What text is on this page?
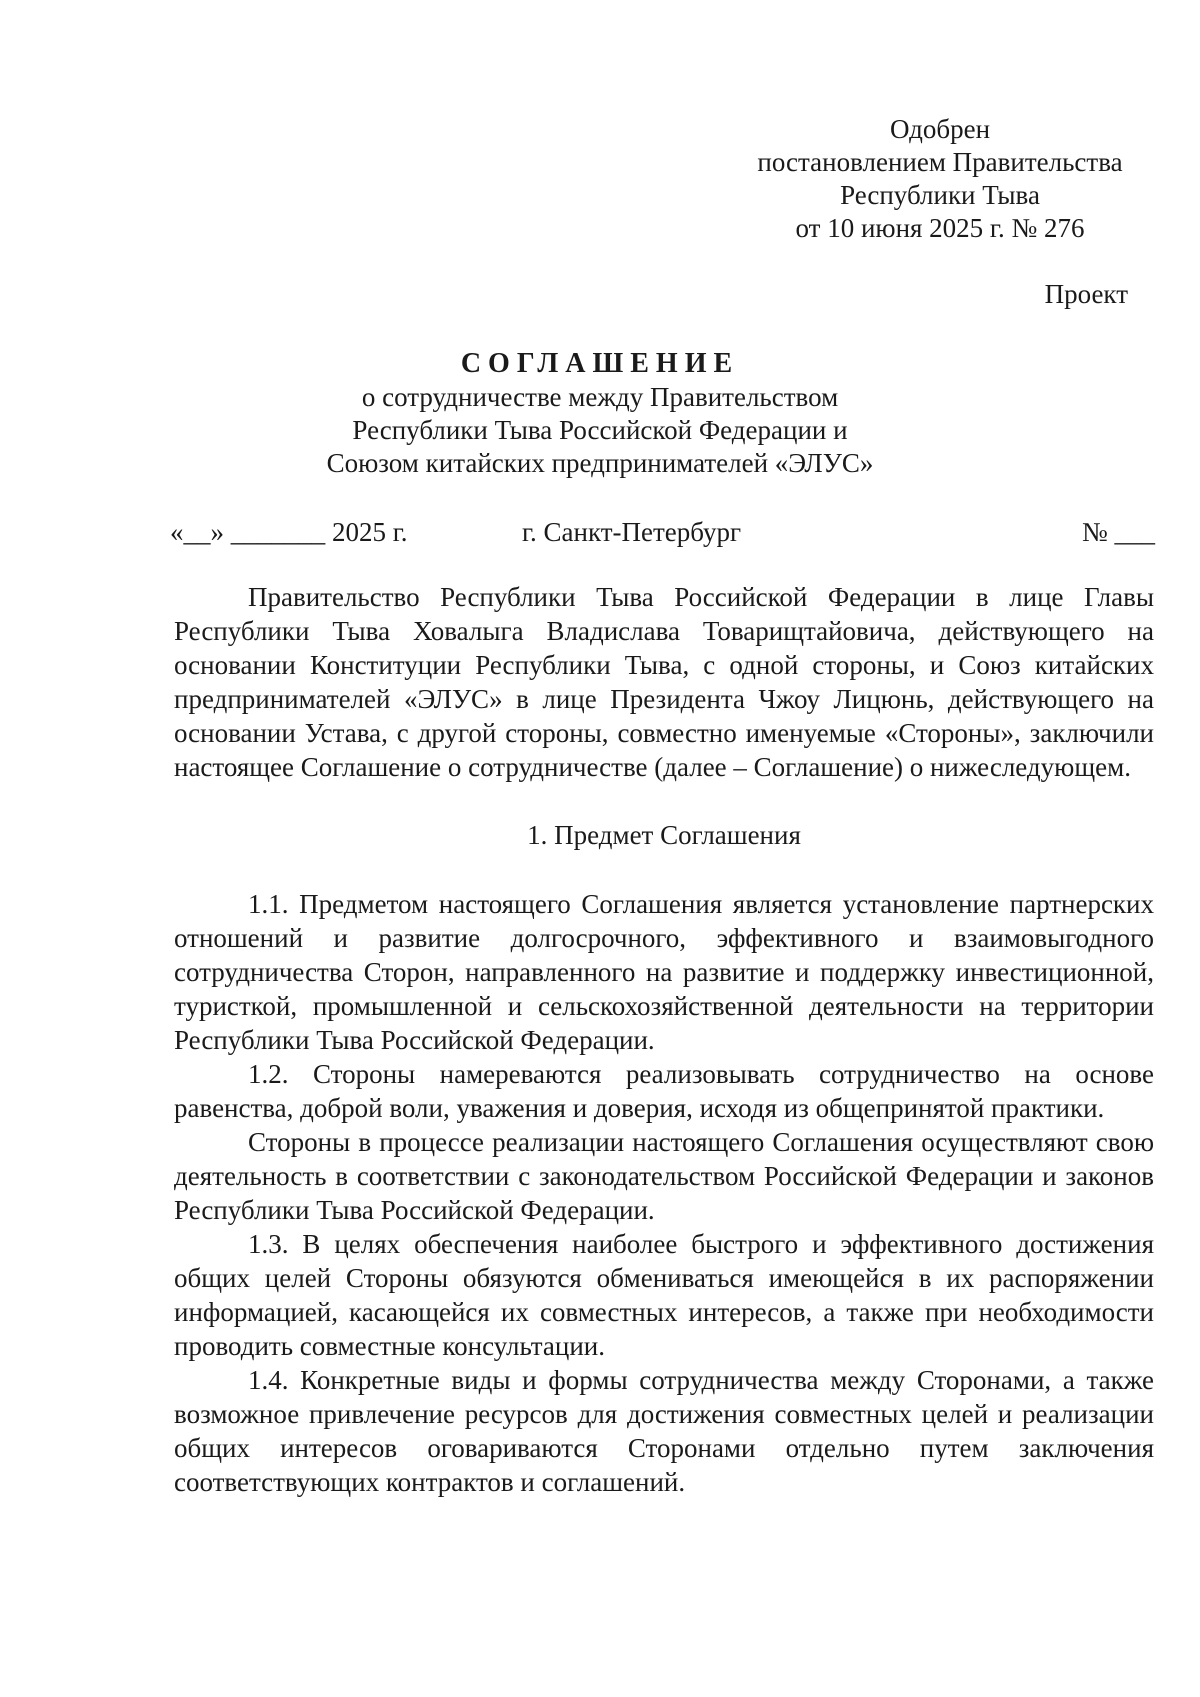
Одобрен
постановлением Правительства
Республики Тыва
от 10 июня 2025 г. № 276
Проект
СОГЛАШЕНИЕ
о сотрудничестве между Правительством
Республики Тыва Российской Федерации и
Союзом китайских предпринимателей «ЭЛУС»
«__» _______ 2025 г.	г. Санкт-Петербург	№ ___

Правительство Республики Тыва Российской Федерации в лице Главы Республики Тыва Ховалыга Владислава Товарищтайовича, действующего на основании Конституции Республики Тыва, с одной стороны, и Союз китайских предпринимателей «ЭЛУС» в лице Президента Чжоу Лицюнь, действующего на основании Устава, с другой стороны, совместно именуемые «Стороны», заключили настоящее Соглашение о сотрудничестве (далее – Соглашение) о нижеследующем.

1. Предмет Соглашения

1.1. Предметом настоящего Соглашения является установление партнерских отношений и развитие долгосрочного, эффективного и взаимовыгодного сотрудничества Сторон, направленного на развитие и поддержку инвестиционной, туристкой, промышленной и сельскохозяйственной деятельности на территории Республики Тыва Российской Федерации.

1.2. Стороны намереваются реализовывать сотрудничество на основе равенства, доброй воли, уважения и доверия, исходя из общепринятой практики.

Стороны в процессе реализации настоящего Соглашения осуществляют свою деятельность в соответствии с законодательством Российской Федерации и законов Республики Тыва Российской Федерации.

1.3. В целях обеспечения наиболее быстрого и эффективного достижения общих целей Стороны обязуются обмениваться имеющейся в их распоряжении информацией, касающейся их совместных интересов, а также при необходимости проводить совместные консультации.

1.4. Конкретные виды и формы сотрудничества между Сторонами, а также возможное привлечение ресурсов для достижения совместных целей и реализации общих интересов оговариваются Сторонами отдельно путем заключения соответствующих контрактов и соглашений.
